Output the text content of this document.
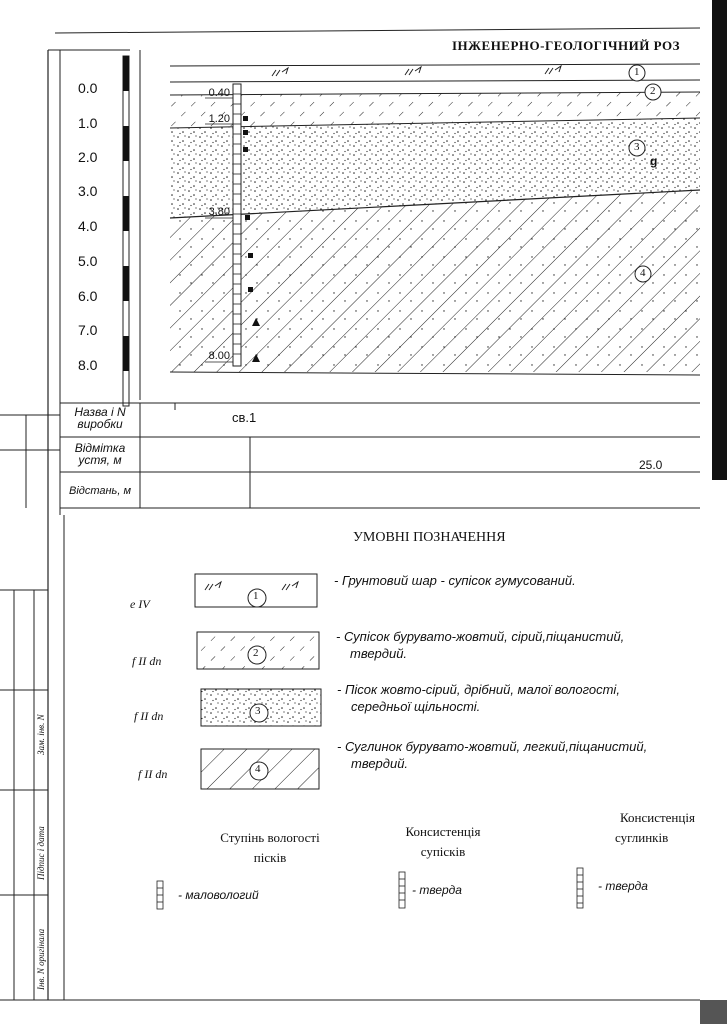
ІНЖЕНЕРНО-ГЕОЛОГІЧНИЙ РОЗ
0.0
1.0
2.0
3.0
4.0
5.0
6.0
7.0
8.0
0.40
1.20
3.80
8.00
1
2
3
4
g
Назва і N виробки
Відмітка устя, м
Відстань, м
св.1
25.0
УМОВНІ ПОЗНАЧЕННЯ
e IV
1
- Грунтовий шар - супісок гумусований.
f II dn
2
- Супісок бурувато-жовтий, сірий,піщанистий,
твердий.
f II dn	3
- Пісок жовто-сірий, дрібний, малої вологості,
середньої щільності.
f II dn	4
- Суглинок бурувато-жовтий, легкий,піщанистий,
твердий.
Ступінь вологості
пісків
- маловологий
Консистенція
супісків
- тверда
Консистенція
суглинків
- тверда
Зам. інв. N
Підпис і дата
Інв. N оригінала
